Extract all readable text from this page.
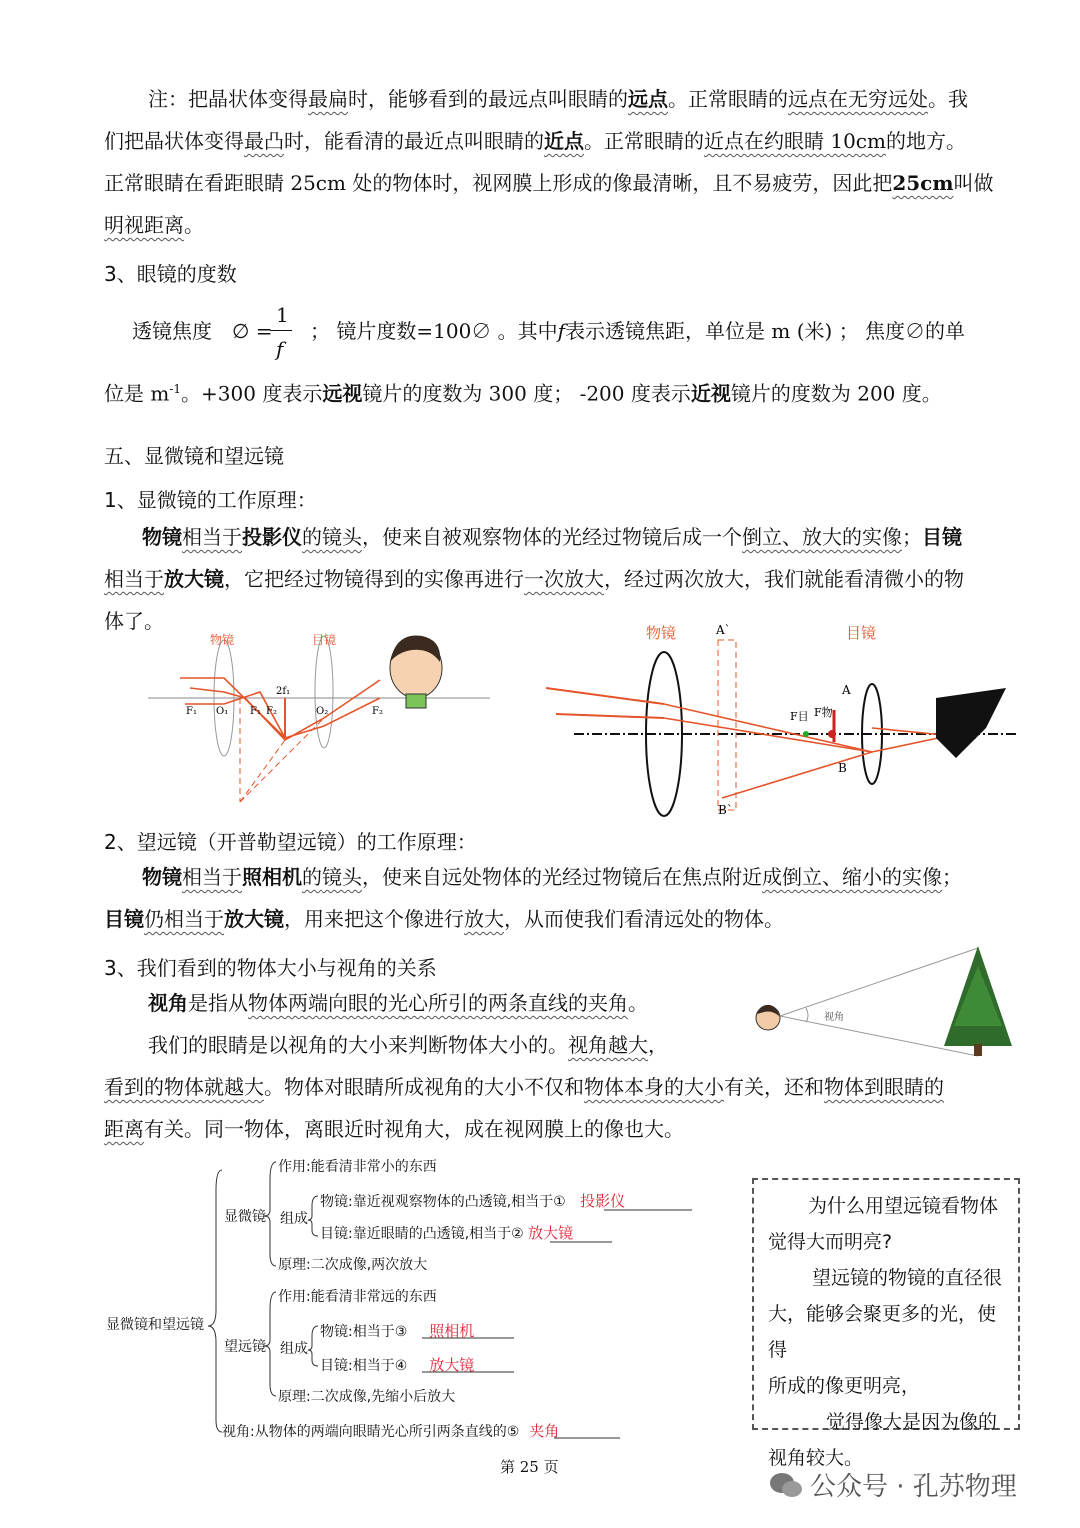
注：把晶状体变得最扁时，能够看到的最远点叫眼睛的远点。正常眼睛的远点在无穷远处。我
们把晶状体变得最凸时，能看清的最近点叫眼睛的近点。正常眼睛的近点在约眼睛 10cm的地方。
正常眼睛在看距眼睛 25cm 处的物体时，视网膜上形成的像最清晰，且不易疲劳，因此把25cm叫做
明视距离。
3、眼镜的度数
透镜焦度 ∅ =
1
f
； 镜片度数=100∅ 。其中f表示透镜焦距，单位是 m (米) ； 焦度∅的单
位是 $m^{-1}$。+300 度表示远视镜片的度数为 300 度； -200 度表示近视镜片的度数为 200 度。
五、显微镜和望远镜
1、显微镜的工作原理：
物镜相当于投影仪的镜头，使来自被观察物体的光经过物镜后成一个倒立、放大的实像；目镜
相当于放大镜，它把经过物镜得到的实像再进行一次放大，经过两次放大，我们就能看清微小的物
体了。
物镜	目镜
F₁ O₁ F₁ F₂
2f₁
O₂	F₂
物镜	目镜
A`
A
F目 F物
B
B`
2、望远镜（开普勒望远镜）的工作原理：
物镜相当于照相机的镜头，使来自远处物体的光经过物镜后在焦点附近成倒立、缩小的实像；
目镜仍相当于放大镜，用来把这个像进行放大，从而使我们看清远处的物体。
3、我们看到的物体大小与视角的关系
视角是指从物体两端向眼的光心所引的两条直线的夹角。
我们的眼睛是以视角的大小来判断物体大小的。视角越大，
看到的物体就越大。物体对眼睛所成视角的大小不仅和物体本身的大小有关，还和物体到眼睛的
距离有关。同一物体，离眼近时视角大，成在视网膜上的像也大。
视角
显微镜和望远镜
显微镜
作用:能看清非常小的东西
组成
物镜:靠近视观察物体的凸透镜,相当于① 投影仪
目镜:靠近眼睛的凸透镜,相当于② 放大镜
原理:二次成像,两次放大
望远镜
作用:能看清非常远的东西
组成
物镜:相当于③ 照相机
目镜:相当于④ 放大镜
原理:二次成像,先缩小后放大
视角:从物体的两端向眼睛光心所引两条直线的⑤ 夹角
为什么用望远镜看物体
觉得大而明亮?
望远镜的物镜的直径很
大，能够会聚更多的光，使得
所成的像更明亮，
觉得像大是因为像的
视角较大。
第 25 页
公众号 · 孔苏物理
